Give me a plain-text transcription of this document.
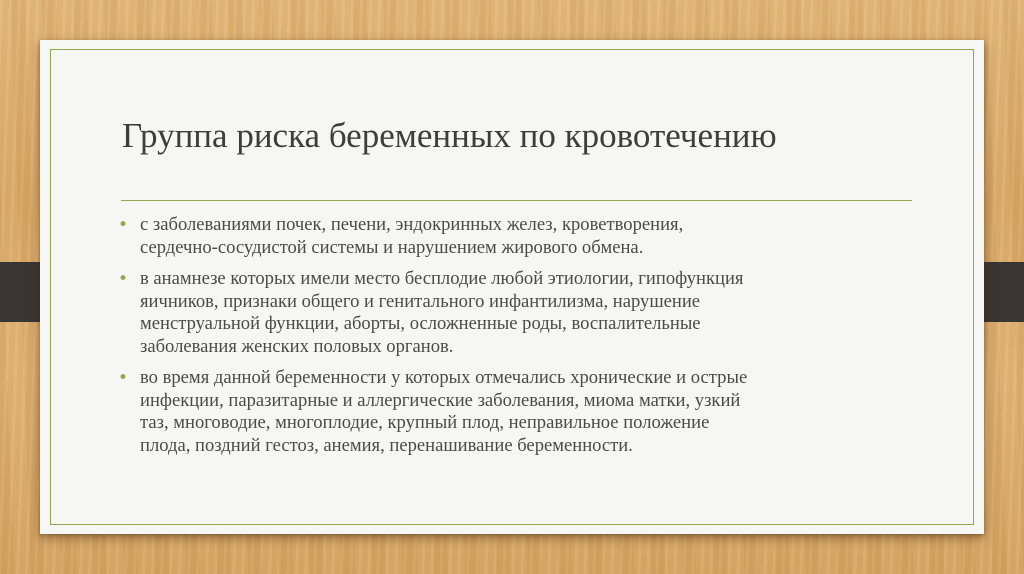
Группа риска беременных по кровотечению
• с заболеваниями почек, печени, эндокринных желез, кроветворения,
сердечно-сосудистой системы и нарушением жирового обмена.
• в анамнезе которых имели место бесплодие любой этиологии, гипофункция
яичников, признаки общего и генитального инфантилизма, нарушение
менструальной функции, аборты, осложненные роды, воспалительные
заболевания женских половых органов.
• во время данной беременности у которых отмечались хронические и острые
инфекции, паразитарные и аллергические заболевания, миома матки, узкий
таз, многоводие, многоплодие, крупный плод, неправильное положение
плода, поздний гестоз, анемия, перенашивание беременности.
